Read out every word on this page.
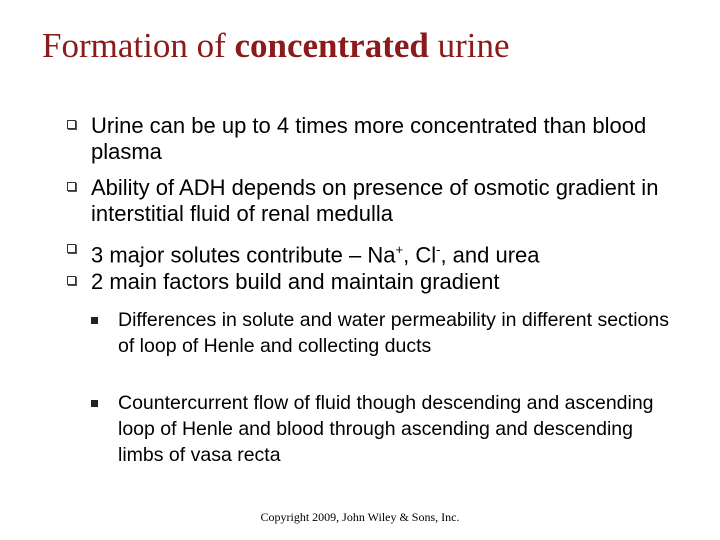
Formation of concentrated urine
Urine can be up to 4 times more concentrated than blood plasma
Ability of ADH depends on presence of osmotic gradient in interstitial fluid of renal medulla
3 major solutes contribute – Na+, Cl-, and urea
2 main factors build and maintain gradient
Differences in solute and water permeability in different sections of loop of Henle and collecting ducts
Countercurrent flow of fluid though descending and ascending loop of Henle and blood through ascending and descending limbs of vasa recta
Copyright 2009, John Wiley & Sons, Inc.
